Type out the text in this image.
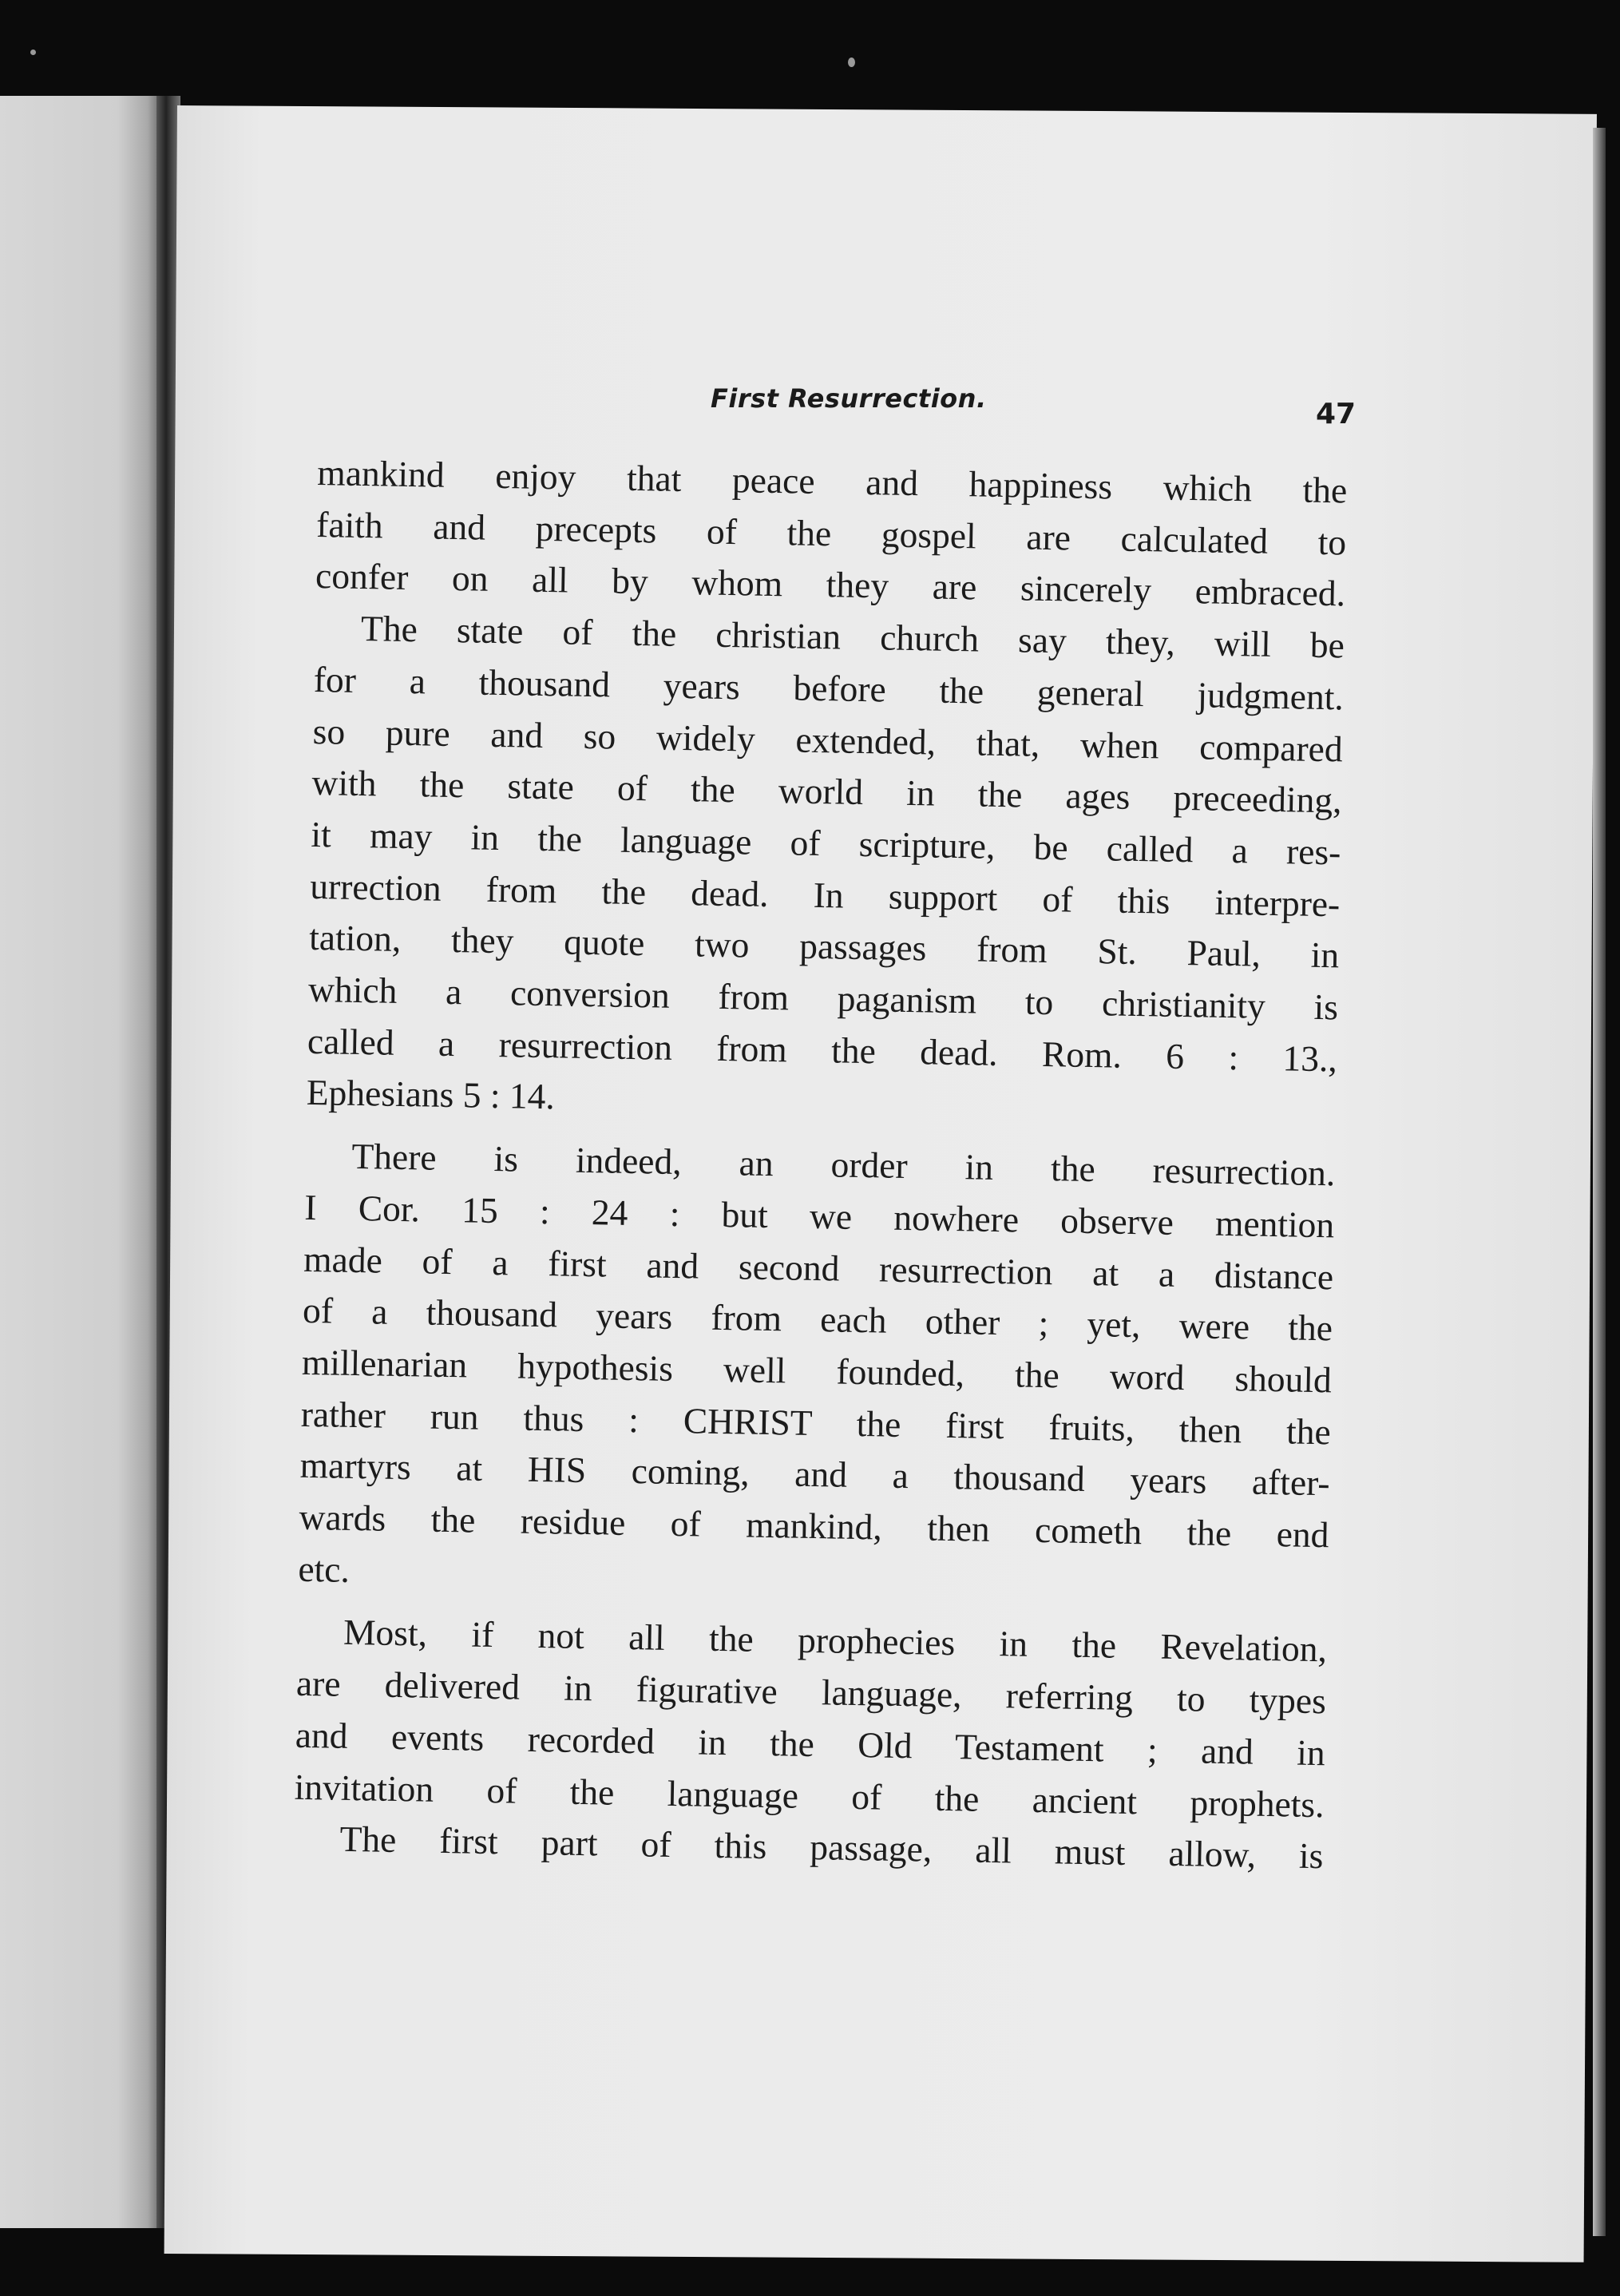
First Resurrection.	47

mankind enjoy that peace and happiness which the
faith and precepts of the gospel are calculated to
confer on all by whom they are sincerely embraced.

The state of the christian church say they, will be
for a thousand years before the general judgment.
so pure and so widely extended, that, when compared
with the state of the world in the ages preceeding,
it may in the language of scripture, be called a res-
urrection from the dead. In support of this interpre-
tation, they quote two passages from St. Paul, in
which a conversion from paganism to christianity is
called a resurrection from the dead. Rom. 6 : 13.,
Ephesians 5 : 14.

There is indeed, an order in the resurrection.
I Cor. 15 : 24 : but we nowhere observe mention
made of a first and second resurrection at a distance
of a thousand years from each other ; yet, were the
millenarian hypothesis well founded, the word should
rather run thus : CHRIST the first fruits, then the
martyrs at HIS coming, and a thousand years after-
wards the residue of mankind, then cometh the end
etc.

Most, if not all the prophecies in the Revelation,
are delivered in figurative language, referring to types
and events recorded in the Old Testament ; and in
invitation of the language of the ancient prophets.

The first part of this passage, all must allow, is
